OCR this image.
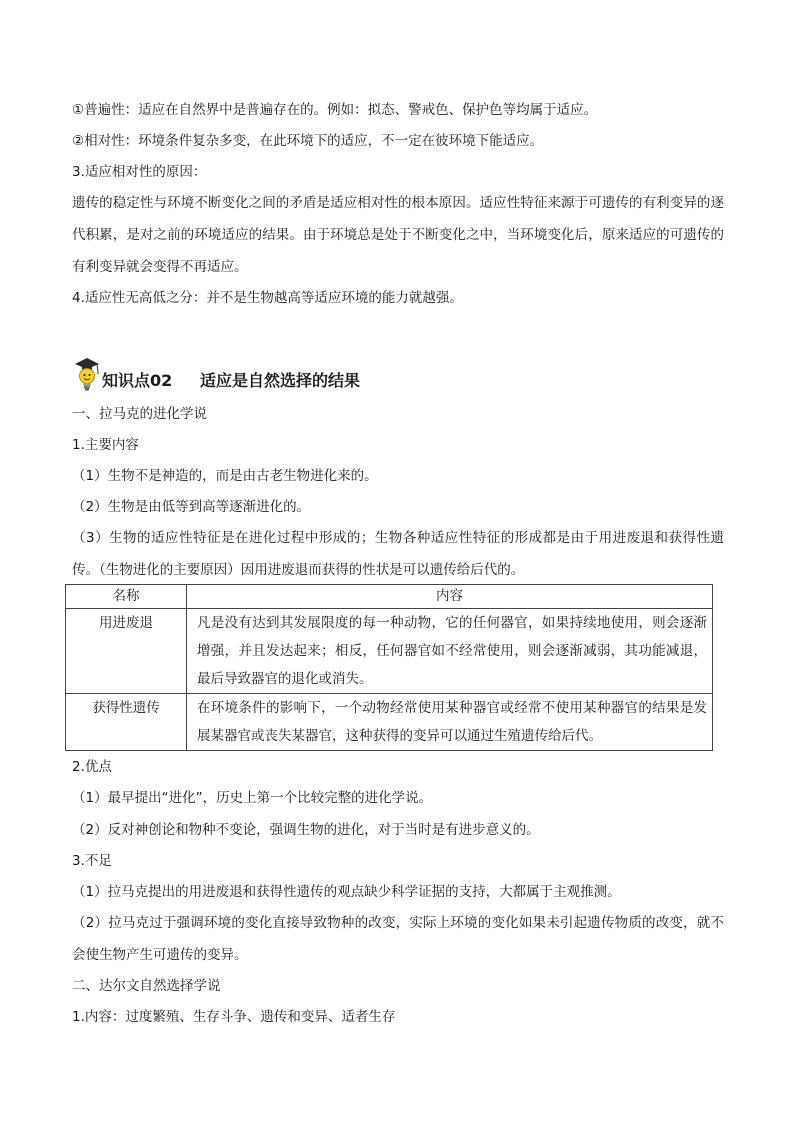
①普遍性：适应在自然界中是普遍存在的。例如：拟态、警戒色、保护色等均属于适应。
②相对性：环境条件复杂多变，在此环境下的适应，不一定在彼环境下能适应。
3.适应相对性的原因：
遗传的稳定性与环境不断变化之间的矛盾是适应相对性的根本原因。适应性特征来源于可遗传的有利变异的逐代积累，是对之前的环境适应的结果。由于环境总是处于不断变化之中，当环境变化后，原来适应的可遗传的有利变异就会变得不再适应。
4.适应性无高低之分：并不是生物越高等适应环境的能力就越强。
知识点02 适应是自然选择的结果
一、拉马克的进化学说
1.主要内容
（1）生物不是神造的，而是由古老生物进化来的。
（2）生物是由低等到高等逐渐进化的。
（3）生物的适应性特征是在进化过程中形成的；生物各种适应性特征的形成都是由于用进废退和获得性遗传。（生物进化的主要原因）因用进废退而获得的性状是可以遗传给后代的。
名称	内容
用进废退	凡是没有达到其发展限度的每一种动物，它的任何器官，如果持续地使用，则会逐渐增强，并且发达起来；相反，任何器官如不经常使用，则会逐渐减弱，其功能减退，最后导致器官的退化或消失。
获得性遗传	在环境条件的影响下，一个动物经常使用某种器官或经常不使用某种器官的结果是发展某器官或丧失某器官，这种获得的变异可以通过生殖遗传给后代。
2.优点
（1）最早提出“进化”，历史上第一个比较完整的进化学说。
（2）反对神创论和物种不变论，强调生物的进化，对于当时是有进步意义的。
3.不足
（1）拉马克提出的用进废退和获得性遗传的观点缺少科学证据的支持，大都属于主观推测。
（2）拉马克过于强调环境的变化直接导致物种的改变，实际上环境的变化如果未引起遗传物质的改变，就不会使生物产生可遗传的变异。
二、达尔文自然选择学说
1.内容：过度繁殖、生存斗争、遗传和变异、适者生存
